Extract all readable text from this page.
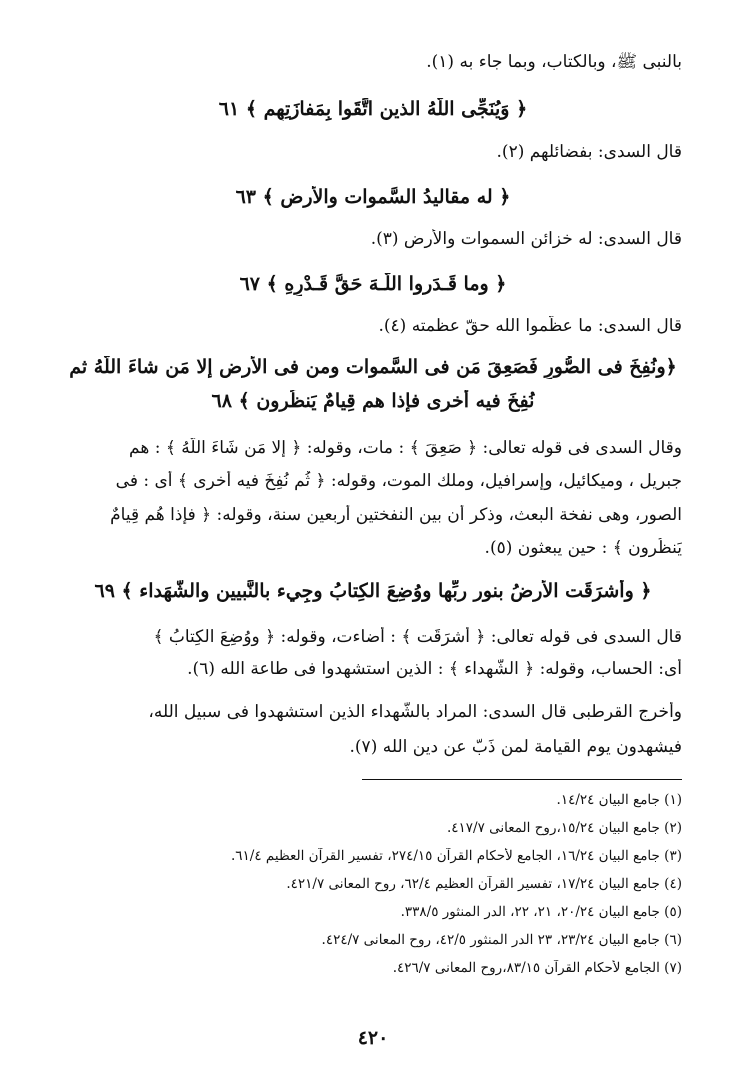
بالنبى ﷺ، وبالكتاب، وبما جاء به (١).
﴿ وَيُنَجِّى اللَّهُ الذين اتَّقَوا بِمَفازَتِهِم ﴾ ٦١
قال السدى: بفضائلهم (٢).
﴿ له مقاليدُ السَّموات والأرض ﴾ ٦٣
قال السدى: له خزائن السموات والأرض (٣).
﴿ وما قَـدَروا اللَّـهَ حَقَّ قَـدْرِهِ ﴾ ٦٧
قال السدى: ما عظّموا الله حقّ عظمته (٤).
﴿ونُفِخَ فى الصُّورِ فَصَعِقَ مَن فى السَّموات ومن فى الأرض إلا مَن شاءَ اللَّهُ ثم
نُفِخَ فيه أُخرى فإذا هم قِيامٌ يَنظُرون ﴾ ٦٨
وقال السدى فى قوله تعالى: ﴿ صَعِقَ ﴾ : مات، وقوله: ﴿ إلا مَن شَاءَ اللَّهُ ﴾ : هم
جبريل ، وميكائيل، وإسرافيل، وملك الموت، وقوله: ﴿ ثُم نُفِخَ فيه أُخرى ﴾ أى : فى
الصور، وهى نفخة البعث، وذكر أن بين النفختين أربعين سنة، وقوله: ﴿ فإذا هُم قِيامٌ
يَنظُرون ﴾ : حين يبعثون (٥).
﴿ وأشرَقَت الأرضُ بنور ربِّها ووُضِعَ الكِتابُ وجِيء بالنَّبيين والشُّهَداء ﴾ ٦٩
قال السدى فى قوله تعالى: ﴿ أشرَقَت ﴾ : أضاءت، وقوله: ﴿ ووُضِعَ الكِتابُ ﴾
أى: الحساب، وقوله: ﴿ الشُّهداء ﴾ : الذين استشهدوا فى طاعة الله (٦).
وأخرج القرطبى قال السدى: المراد بالشُّهداء الذين استشهدوا فى سبيل الله،
فيشهدون يوم القيامة لمن ذَبّ عن دين الله (٧).
(١) جامع البيان ١٤/٢٤.
(٢) جامع البيان ١٥/٢٤،روح المعانى ٤١٧/٧.
(٣) جامع البيان ١٦/٢٤، الجامع لأحكام القرآن ٢٧٤/١٥، تفسير القرآن العظيم ٦١/٤.
(٤) جامع البيان ١٧/٢٤، تفسير القرآن العظيم ٦٢/٤، روح المعانى ٤٢١/٧.
(٥) جامع البيان ٢٠/٢٤، ٢١، ٢٢، الدر المنثور ٣٣٨/٥.
(٦) جامع البيان ٢٣/٢٤، ٢٣ الدر المنثور ٤٢/٥، روح المعانى ٤٢٤/٧.
(٧) الجامع لأحكام القرآن ٨٣/١٥،روح المعانى ٤٢٦/٧.
٤٢٠
